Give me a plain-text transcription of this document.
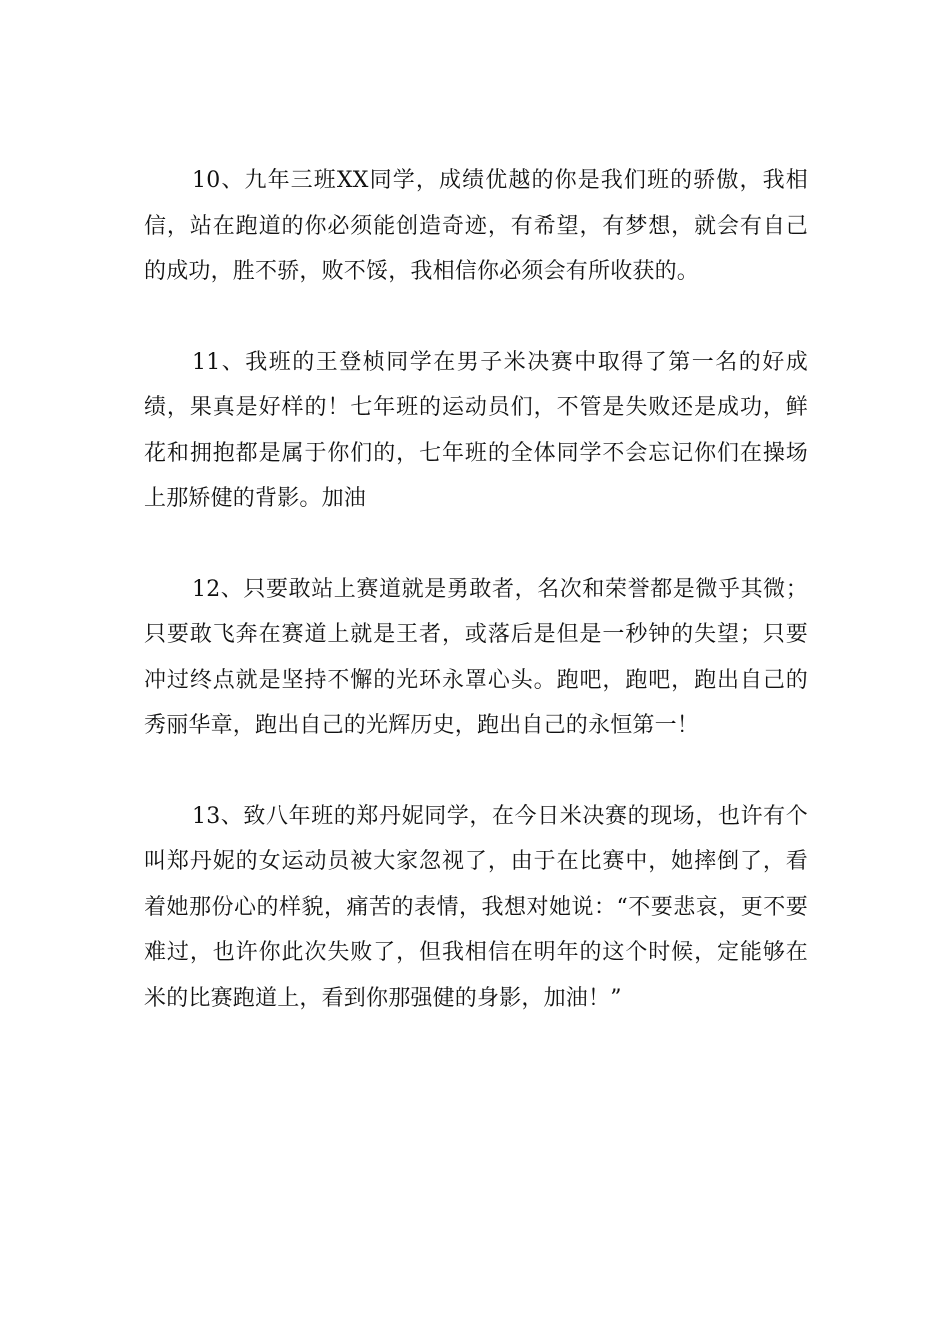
10、九年三班XX同学，成绩优越的你是我们班的骄傲，我相信，站在跑道的你必须能创造奇迹，有希望，有梦想，就会有自己的成功，胜不骄，败不馁，我相信你必须会有所收获的。

11、我班的王登桢同学在男子米决赛中取得了第一名的好成绩，果真是好样的！七年班的运动员们，不管是失败还是成功，鲜花和拥抱都是属于你们的，七年班的全体同学不会忘记你们在操场上那矫健的背影。加油

12、只要敢站上赛道就是勇敢者，名次和荣誉都是微乎其微；只要敢飞奔在赛道上就是王者，或落后是但是一秒钟的失望；只要冲过终点就是坚持不懈的光环永罩心头。跑吧，跑吧，跑出自己的秀丽华章，跑出自己的光辉历史，跑出自己的永恒第一！

13、致八年班的郑丹妮同学，在今日米决赛的现场，也许有个叫郑丹妮的女运动员被大家忽视了，由于在比赛中，她摔倒了，看着她那份心的样貌，痛苦的表情，我想对她说：“不要悲哀，更不要难过，也许你此次失败了，但我相信在明年的这个时候，定能够在米的比赛跑道上，看到你那强健的身影，加油！”
